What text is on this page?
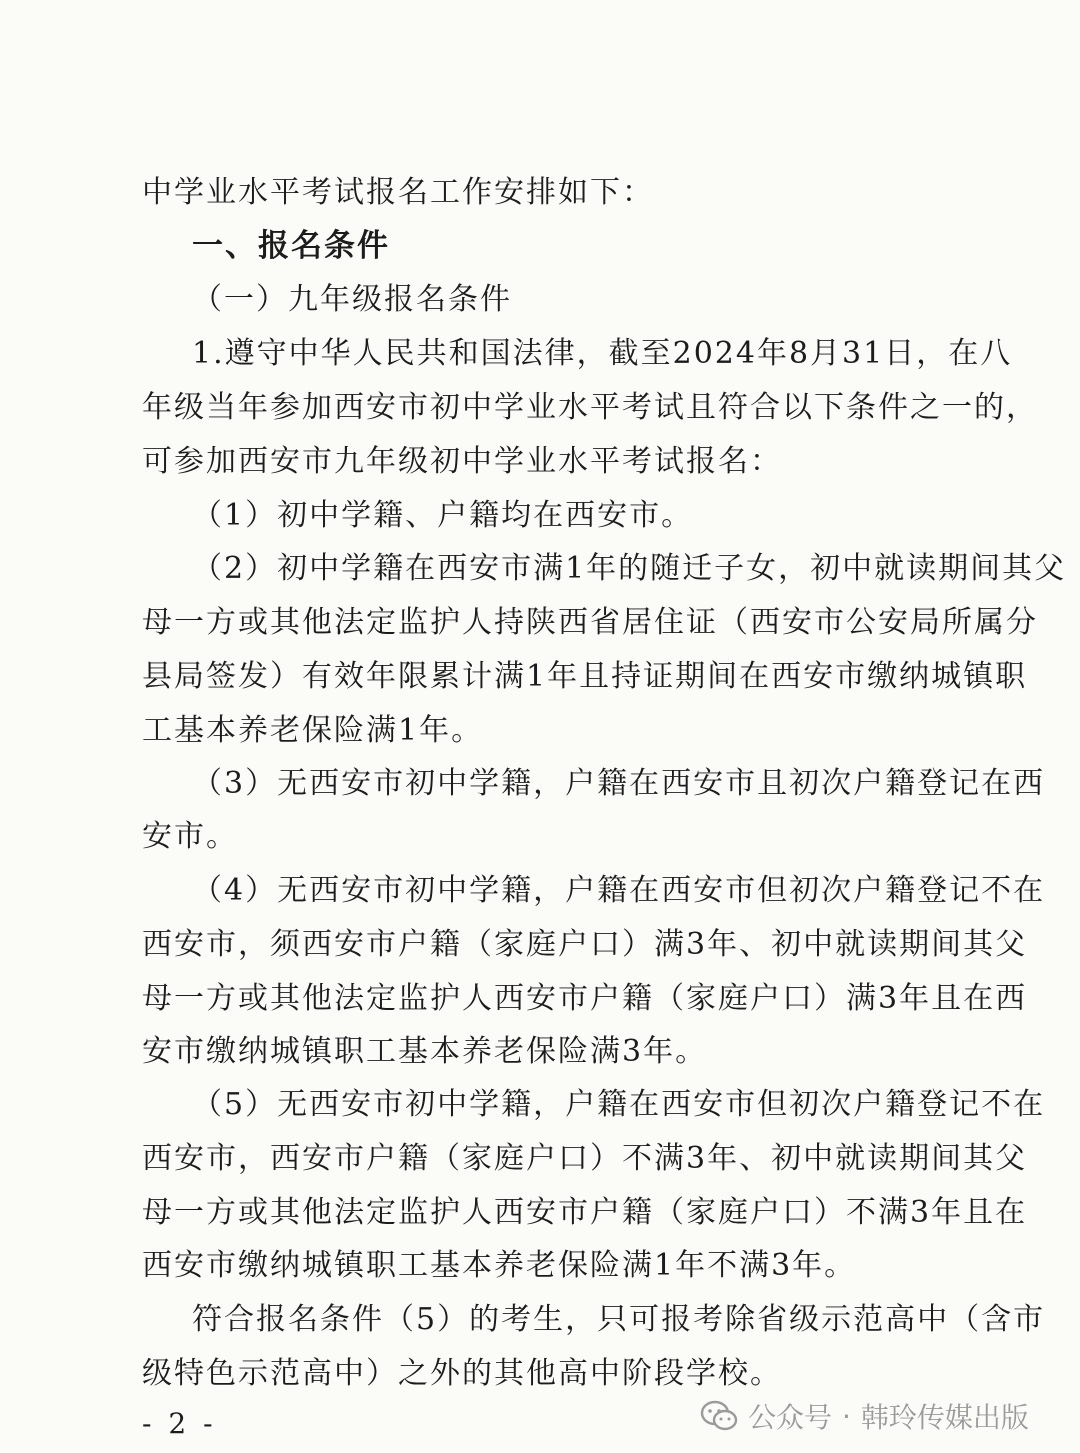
中学业水平考试报名工作安排如下：
一、报名条件
（一）九年级报名条件
1.遵守中华人民共和国法律，截至2024年8月31日，在八
年级当年参加西安市初中学业水平考试且符合以下条件之一的，
可参加西安市九年级初中学业水平考试报名：
（1）初中学籍、户籍均在西安市。
（2）初中学籍在西安市满1年的随迁子女，初中就读期间其父
母一方或其他法定监护人持陕西省居住证（西安市公安局所属分
县局签发）有效年限累计满1年且持证期间在西安市缴纳城镇职
工基本养老保险满1年。
（3）无西安市初中学籍，户籍在西安市且初次户籍登记在西
安市。
（4）无西安市初中学籍，户籍在西安市但初次户籍登记不在
西安市，须西安市户籍（家庭户口）满3年、初中就读期间其父
母一方或其他法定监护人西安市户籍（家庭户口）满3年且在西
安市缴纳城镇职工基本养老保险满3年。
（5）无西安市初中学籍，户籍在西安市但初次户籍登记不在
西安市，西安市户籍（家庭户口）不满3年、初中就读期间其父
母一方或其他法定监护人西安市户籍（家庭户口）不满3年且在
西安市缴纳城镇职工基本养老保险满1年不满3年。
符合报名条件（5）的考生，只可报考除省级示范高中（含市
级特色示范高中）之外的其他高中阶段学校。
- 2 -	公众号 · 韩玲传媒出版
